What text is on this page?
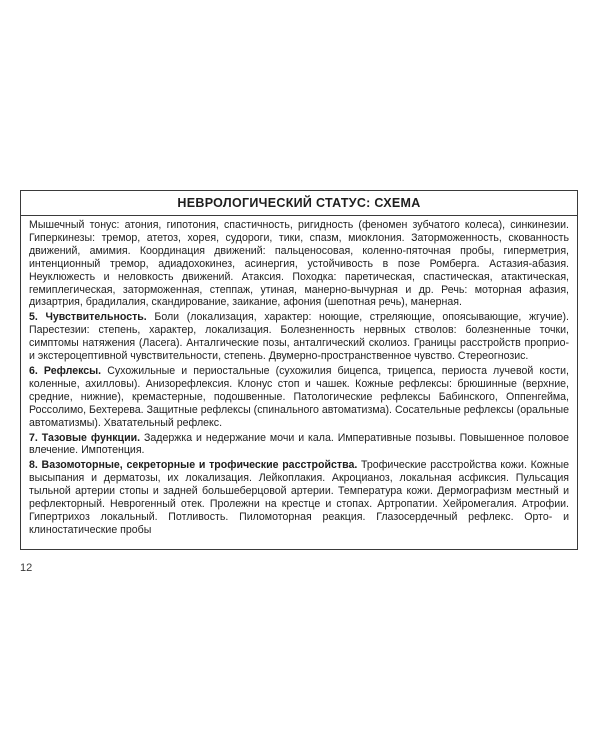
НЕВРОЛОГИЧЕСКИЙ СТАТУС: СХЕМА

Мышечный тонус: атония, гипотония, спастичность, ригидность (феномен зубчатого колеса), синкинезии. Гиперкинезы: тремор, атетоз, хорея, судороги, тики, спазм, миоклония. Заторможенность, скованность движений, амимия. Координация движений: пальценосовая, коленно-пяточная пробы, гиперметрия, интенционный тремор, адиадохокинез, асинергия, устойчивость в позе Ромберга. Астазия-абазия. Неуклюжесть и неловкость движений. Атаксия. Походка: паретическая, спастическая, атактическая, гемиплегическая, заторможенная, степпаж, утиная, манерно-вычурная и др. Речь: моторная афазия, дизартрия, брадилалия, скандирование, заикание, афония (шепотная речь), манерная.

5. Чувствительность. Боли (локализация, характер: ноющие, стреляющие, опоясывающие, жгучие). Парестезии: степень, характер, локализация. Болезненность нервных стволов: болезненные точки, симптомы натяжения (Ласега). Анталгические позы, анталгический сколиоз. Границы расстройств проприо- и экстероцептивной чувствительности, степень. Двумерно-пространственное чувство. Стереогнозис.

6. Рефлексы. Сухожильные и периостальные (сухожилия бицепса, трицепса, периоста лучевой кости, коленные, ахилловы). Анизорефлексия. Клонус стоп и чашек. Кожные рефлексы: брюшинные (верхние, средние, нижние), кремастерные, подошвенные. Патологические рефлексы Бабинского, Оппенгейма, Россолимо, Бехтерева. Защитные рефлексы (спинального автоматизма). Сосательные рефлексы (оральные автоматизмы). Хватательный рефлекс.

7. Тазовые функции. Задержка и недержание мочи и кала. Императивные позывы. Повышенное половое влечение. Импотенция.

8. Вазомоторные, секреторные и трофические расстройства. Трофические расстройства кожи. Кожные высыпания и дерматозы, их локализация. Лейкоплакия. Акроцианоз, локальная асфиксия. Пульсация тыльной артерии стопы и задней большеберцовой артерии. Температура кожи. Дермографизм местный и рефлекторный. Неврогенный отек. Пролежни на крестце и стопах. Артропатии. Хейромегалия. Атрофии. Гипертрихоз локальный. Потливость. Пиломоторная реакция. Глазосердечный рефлекс. Орто- и клиностатические пробы

12
